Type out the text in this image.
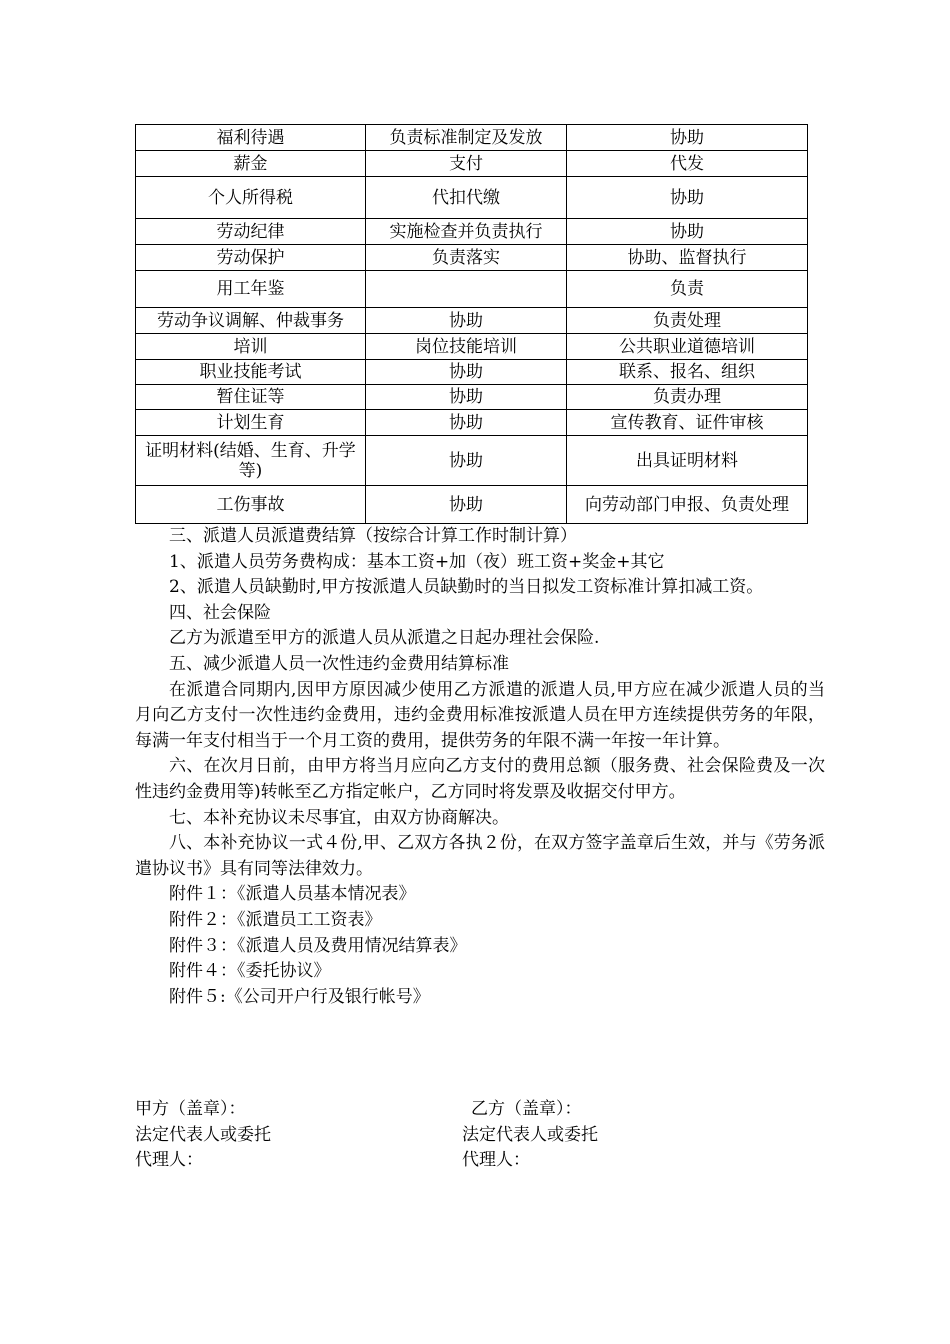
福利待遇	负责标准制定及发放	协助
薪金	支付	代发
个人所得税	代扣代缴	协助
劳动纪律	实施检查并负责执行	协助
劳动保护	负责落实	协助、监督执行
用工年鉴		负责
劳动争议调解、仲裁事务	协助	负责处理
培训	岗位技能培训	公共职业道德培训
职业技能考试	协助	联系、报名、组织
暂住证等	协助	负责办理
计划生育	协助	宣传教育、证件审核
证明材料(结婚、生育、升学等)	协助	出具证明材料
工伤事故	协助	向劳动部门申报、负责处理

三、派遣人员派遣费结算（按综合计算工作时制计算）

1、派遣人员劳务费构成：基本工资+加（夜）班工资+奖金+其它

2、派遣人员缺勤时,甲方按派遣人员缺勤时的当日拟发工资标准计算扣减工资。

四、社会保险

乙方为派遣至甲方的派遣人员从派遣之日起办理社会保险.

五、减少派遣人员一次性违约金费用结算标准

在派遣合同期内,因甲方原因减少使用乙方派遣的派遣人员,甲方应在减少派遣人员的当月向乙方支付一次性违约金费用，违约金费用标准按派遣人员在甲方连续提供劳务的年限，每满一年支付相当于一个月工资的费用，提供劳务的年限不满一年按一年计算。

六、在次月日前，由甲方将当月应向乙方支付的费用总额（服务费、社会保险费及一次性违约金费用等)转帐至乙方指定帐户，乙方同时将发票及收据交付甲方。

七、本补充协议未尽事宜，由双方协商解决。

八、本补充协议一式４份,甲、乙双方各执２份，在双方签字盖章后生效，并与《劳务派遣协议书》具有同等法律效力。

附件１：《派遣人员基本情况表》

附件２：《派遣员工工资表》

附件３：《派遣人员及费用情况结算表》

附件４：《委托协议》

附件５:《公司开户行及银行帐号》

甲方（盖章）：
法定代表人或委托
代理人：
乙方（盖章）：
法定代表人或委托
代理人：
